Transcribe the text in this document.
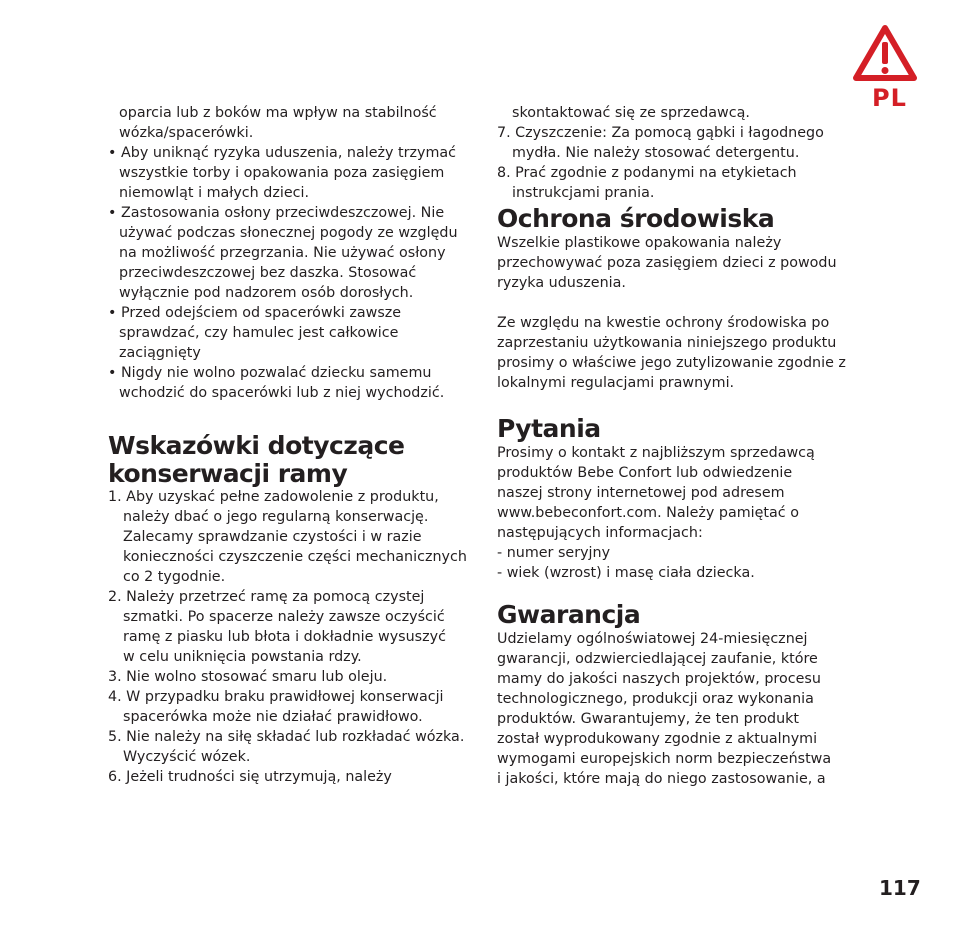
PL
oparcia lub z boków ma wpływ na stabilność
wózka/spacerówki.
• Aby uniknąć ryzyka uduszenia, należy trzymać
wszystkie torby i opakowania poza zasięgiem
niemowląt i małych dzieci.
• Zastosowania osłony przeciwdeszczowej. Nie
używać podczas słonecznej pogody ze względu
na możliwość przegrzania. Nie używać osłony
przeciwdeszczowej bez daszka. Stosować
wyłącznie pod nadzorem osób dorosłych.
• Przed odejściem od spacerówki zawsze
sprawdzać, czy hamulec jest całkowice
zaciągnięty
• Nigdy nie wolno pozwalać dziecku samemu
wchodzić do spacerówki lub z niej wychodzić.
Wskazówki dotyczące
konserwacji ramy
1. Aby uzyskać pełne zadowolenie z produktu,
należy dbać o jego regularną konserwację.
Zalecamy sprawdzanie czystości i w razie
konieczności czyszczenie części mechanicznych
co 2 tygodnie.
2. Należy przetrzeć ramę za pomocą czystej
szmatki. Po spacerze należy zawsze oczyścić
ramę z piasku lub błota i dokładnie wysuszyć
w celu uniknięcia powstania rdzy.
3. Nie wolno stosować smaru lub oleju.
4. W przypadku braku prawidłowej konserwacji
spacerówka może nie działać prawidłowo.
5. Nie należy na siłę składać lub rozkładać wózka.
Wyczyścić wózek.
6. Jeżeli trudności się utrzymują, należy
skontaktować się ze sprzedawcą.
7. Czyszczenie: Za pomocą gąbki i łagodnego
mydła. Nie należy stosować detergentu.
8. Prać zgodnie z podanymi na etykietach
instrukcjami prania.
Ochrona środowiska
Wszelkie plastikowe opakowania należy
przechowywać poza zasięgiem dzieci z powodu
ryzyka uduszenia.
Ze względu na kwestie ochrony środowiska po
zaprzestaniu użytkowania niniejszego produktu
prosimy o właściwe jego zutylizowanie zgodnie z
lokalnymi regulacjami prawnymi.
Pytania
Prosimy o kontakt z najbliższym sprzedawcą
produktów Bebe Confort lub odwiedzenie
naszej strony internetowej pod adresem
www.bebeconfort.com. Należy pamiętać o
następujących informacjach:
- numer seryjny
- wiek (wzrost) i masę ciała dziecka.
Gwarancja
Udzielamy ogólnoświatowej 24-miesięcznej
gwarancji, odzwierciedlającej zaufanie, które
mamy do jakości naszych projektów, procesu
technologicznego, produkcji oraz wykonania
produktów. Gwarantujemy, że ten produkt
został wyprodukowany zgodnie z aktualnymi
wymogami europejskich norm bezpieczeństwa
i jakości, które mają do niego zastosowanie, a
117
